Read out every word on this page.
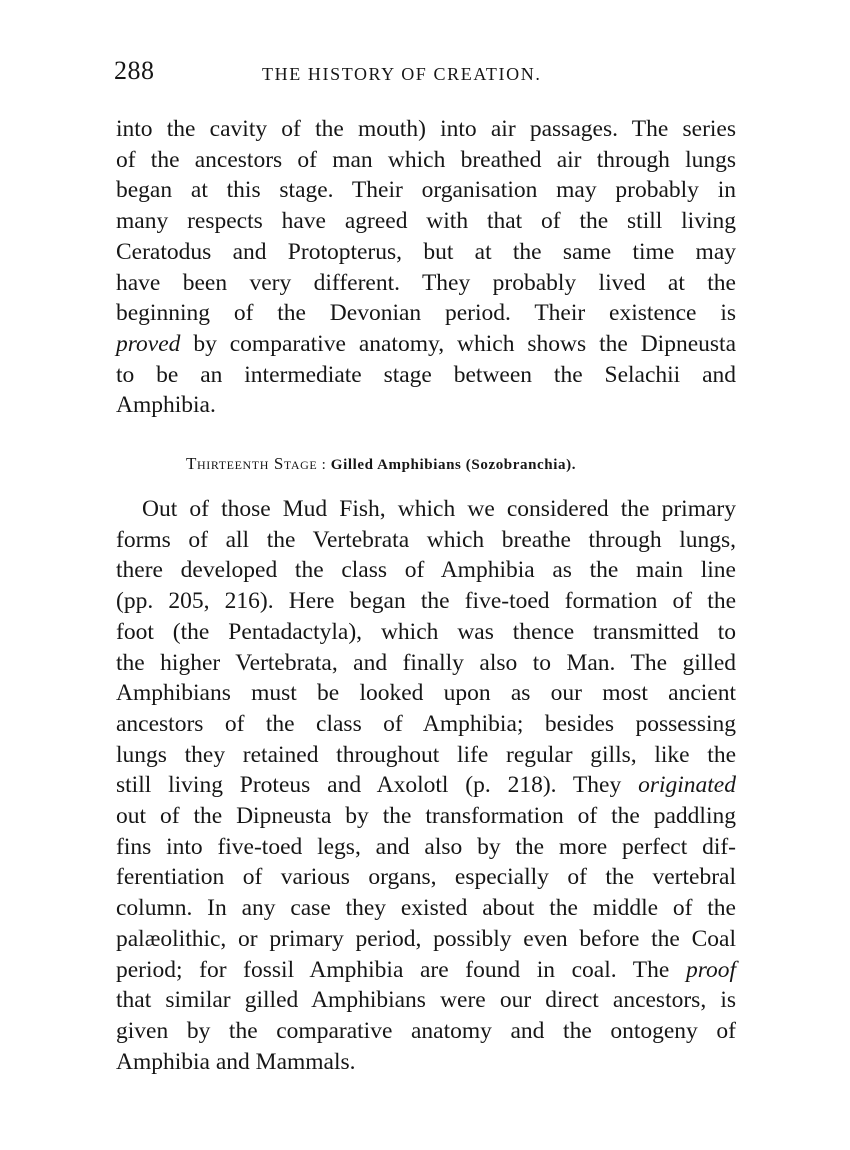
288	THE HISTORY OF CREATION.
into the cavity of the mouth) into air passages. The series
of the ancestors of man which breathed air through lungs
began at this stage. Their organisation may probably in
many respects have agreed with that of the still living
Ceratodus and Protopterus, but at the same time may
have been very different. They probably lived at the
beginning of the Devonian period. Their existence is
proved by comparative anatomy, which shows the Dipneusta
to be an intermediate stage between the Selachii and
Amphibia.
Thirteenth Stage : Gilled Amphibians (Sozobranchia).
Out of those Mud Fish, which we considered the primary
forms of all the Vertebrata which breathe through lungs,
there developed the class of Amphibia as the main line
(pp. 205, 216). Here began the five-toed formation of the
foot (the Pentadactyla), which was thence transmitted to
the higher Vertebrata, and finally also to Man. The gilled
Amphibians must be looked upon as our most ancient
ancestors of the class of Amphibia; besides possessing
lungs they retained throughout life regular gills, like the
still living Proteus and Axolotl (p. 218). They originated
out of the Dipneusta by the transformation of the paddling
fins into five-toed legs, and also by the more perfect dif-
ferentiation of various organs, especially of the vertebral
column. In any case they existed about the middle of the
palæolithic, or primary period, possibly even before the Coal
period; for fossil Amphibia are found in coal. The proof
that similar gilled Amphibians were our direct ancestors, is
given by the comparative anatomy and the ontogeny of
Amphibia and Mammals.
